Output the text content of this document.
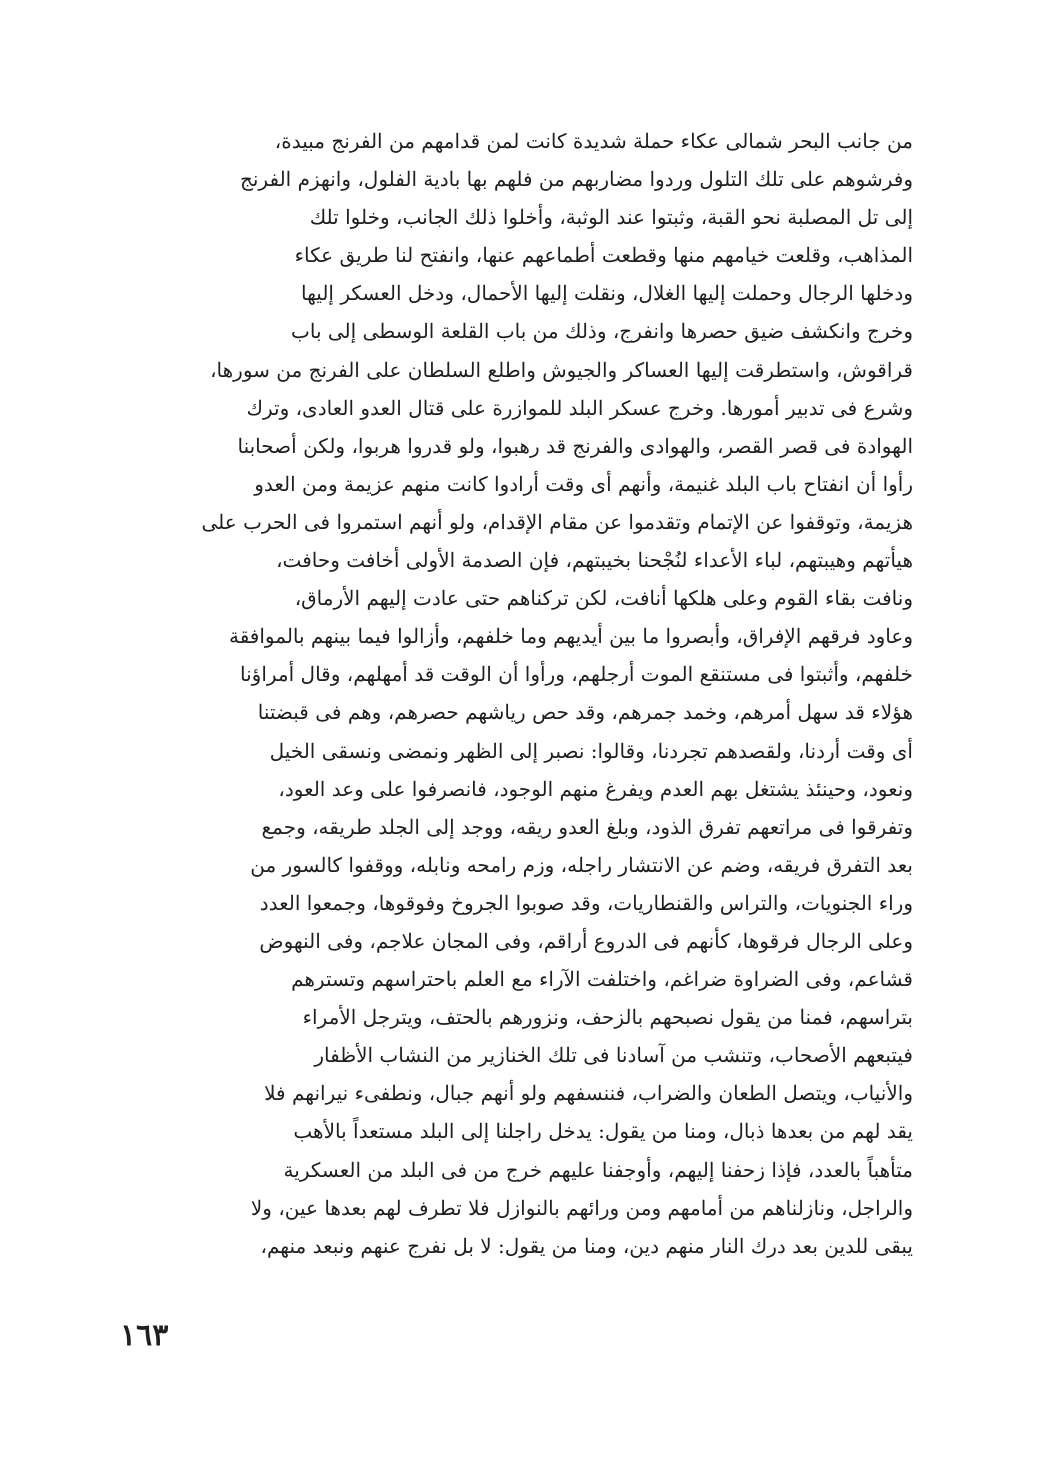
من جانب البحر شمالى عكاء حملة شديدة كانت لمن قدامهم من الفرنج مبيدة،
وفرشوهم على تلك التلول وردوا مضاربهم من فلهم بها بادية الفلول، وانهزم الفرنج
إلى تل المصلبة نحو القبة، وثبتوا عند الوثبة، وأخلوا ذلك الجانب، وخلوا تلك
المذاهب، وقلعت خيامهم منها وقطعت أطماعهم عنها، وانفتح لنا طريق عكاء
ودخلها الرجال وحملت إليها الغلال، ونقلت إليها الأحمال، ودخل العسكر إليها
وخرج وانكشف ضيق حصرها وانفرج، وذلك من باب القلعة الوسطى إلى باب
قراقوش، واستطرقت إليها العساكر والجيوش واطلع السلطان على الفرنج من سورها،
وشرع فى تدبير أمورها. وخرج عسكر البلد للموازرة على قتال العدو العادى، وترك
الهوادة فى قصر القصر، والهوادى والفرنج قد رهبوا، ولو قدروا هربوا، ولكن أصحابنا
رأوا أن انفتاح باب البلد غنيمة، وأنهم أى وقت أرادوا كانت منهم عزيمة ومن العدو
هزيمة، وتوقفوا عن الإتمام وتقدموا عن مقام الإقدام، ولو أنهم استمروا فى الحرب على
هيأتهم وهيبتهم، لباء الأعداء لنُجْحنا بخيبتهم، فإن الصدمة الأولى أخافت وحافت،
ونافت بقاء القوم وعلى هلكها أنافت، لكن تركناهم حتى عادت إليهم الأرماق،
وعاود فرقهم الإفراق، وأبصروا ما بين أيديهم وما خلفهم، وأزالوا فيما بينهم بالموافقة
خلفهم، وأثبتوا فى مستنقع الموت أرجلهم، ورأوا أن الوقت قد أمهلهم، وقال أمراؤنا
هؤلاء قد سهل أمرهم، وخمد جمرهم، وقد حص رياشهم حصرهم، وهم فى قبضتنا
أى وقت أردنا، ولقصدهم تجردنا، وقالوا: نصبر إلى الظهر ونمضى ونسقى الخيل
ونعود، وحينئذ يشتغل بهم العدم ويفرغ منهم الوجود، فانصرفوا على وعد العود،
وتفرقوا فى مراتعهم تفرق الذود، وبلغ العدو ريقه، ووجد إلى الجلد طريقه، وجمع
بعد التفرق فريقه، وضم عن الانتشار راجله، وزم رامحه ونابله، ووقفوا كالسور من
وراء الجنويات، والتراس والقنطاريات، وقد صوبوا الجروخ وفوقوها، وجمعوا العدد
وعلى الرجال فرقوها، كأنهم فى الدروع أراقم، وفى المجان علاجم، وفى النهوض
قشاعم، وفى الضراوة ضراغم، واختلفت الآراء مع العلم باحتراسهم وتسترهم
بتراسهم، فمنا من يقول نصبحهم بالزحف، ونزورهم بالحتف، ويترجل الأمراء
فيتبعهم الأصحاب، وتنشب من آسادنا فى تلك الخنازير من النشاب الأظفار
والأنياب، ويتصل الطعان والضراب، فننسفهم ولو أنهم جبال، ونطفىء نيرانهم فلا
يقد لهم من بعدها ذبال، ومنا من يقول: يدخل راجلنا إلى البلد مستعداً بالأهب
متأهباً بالعدد، فإذا زحفنا إليهم، وأوجفنا عليهم خرج من فى البلد من العسكرية
والراجل، ونازلناهم من أمامهم ومن ورائهم بالنوازل فلا تطرف لهم بعدها عين، ولا
يبقى للدين بعد درك النار منهم دين، ومنا من يقول: لا بل نفرج عنهم ونبعد منهم،
١٦٣
